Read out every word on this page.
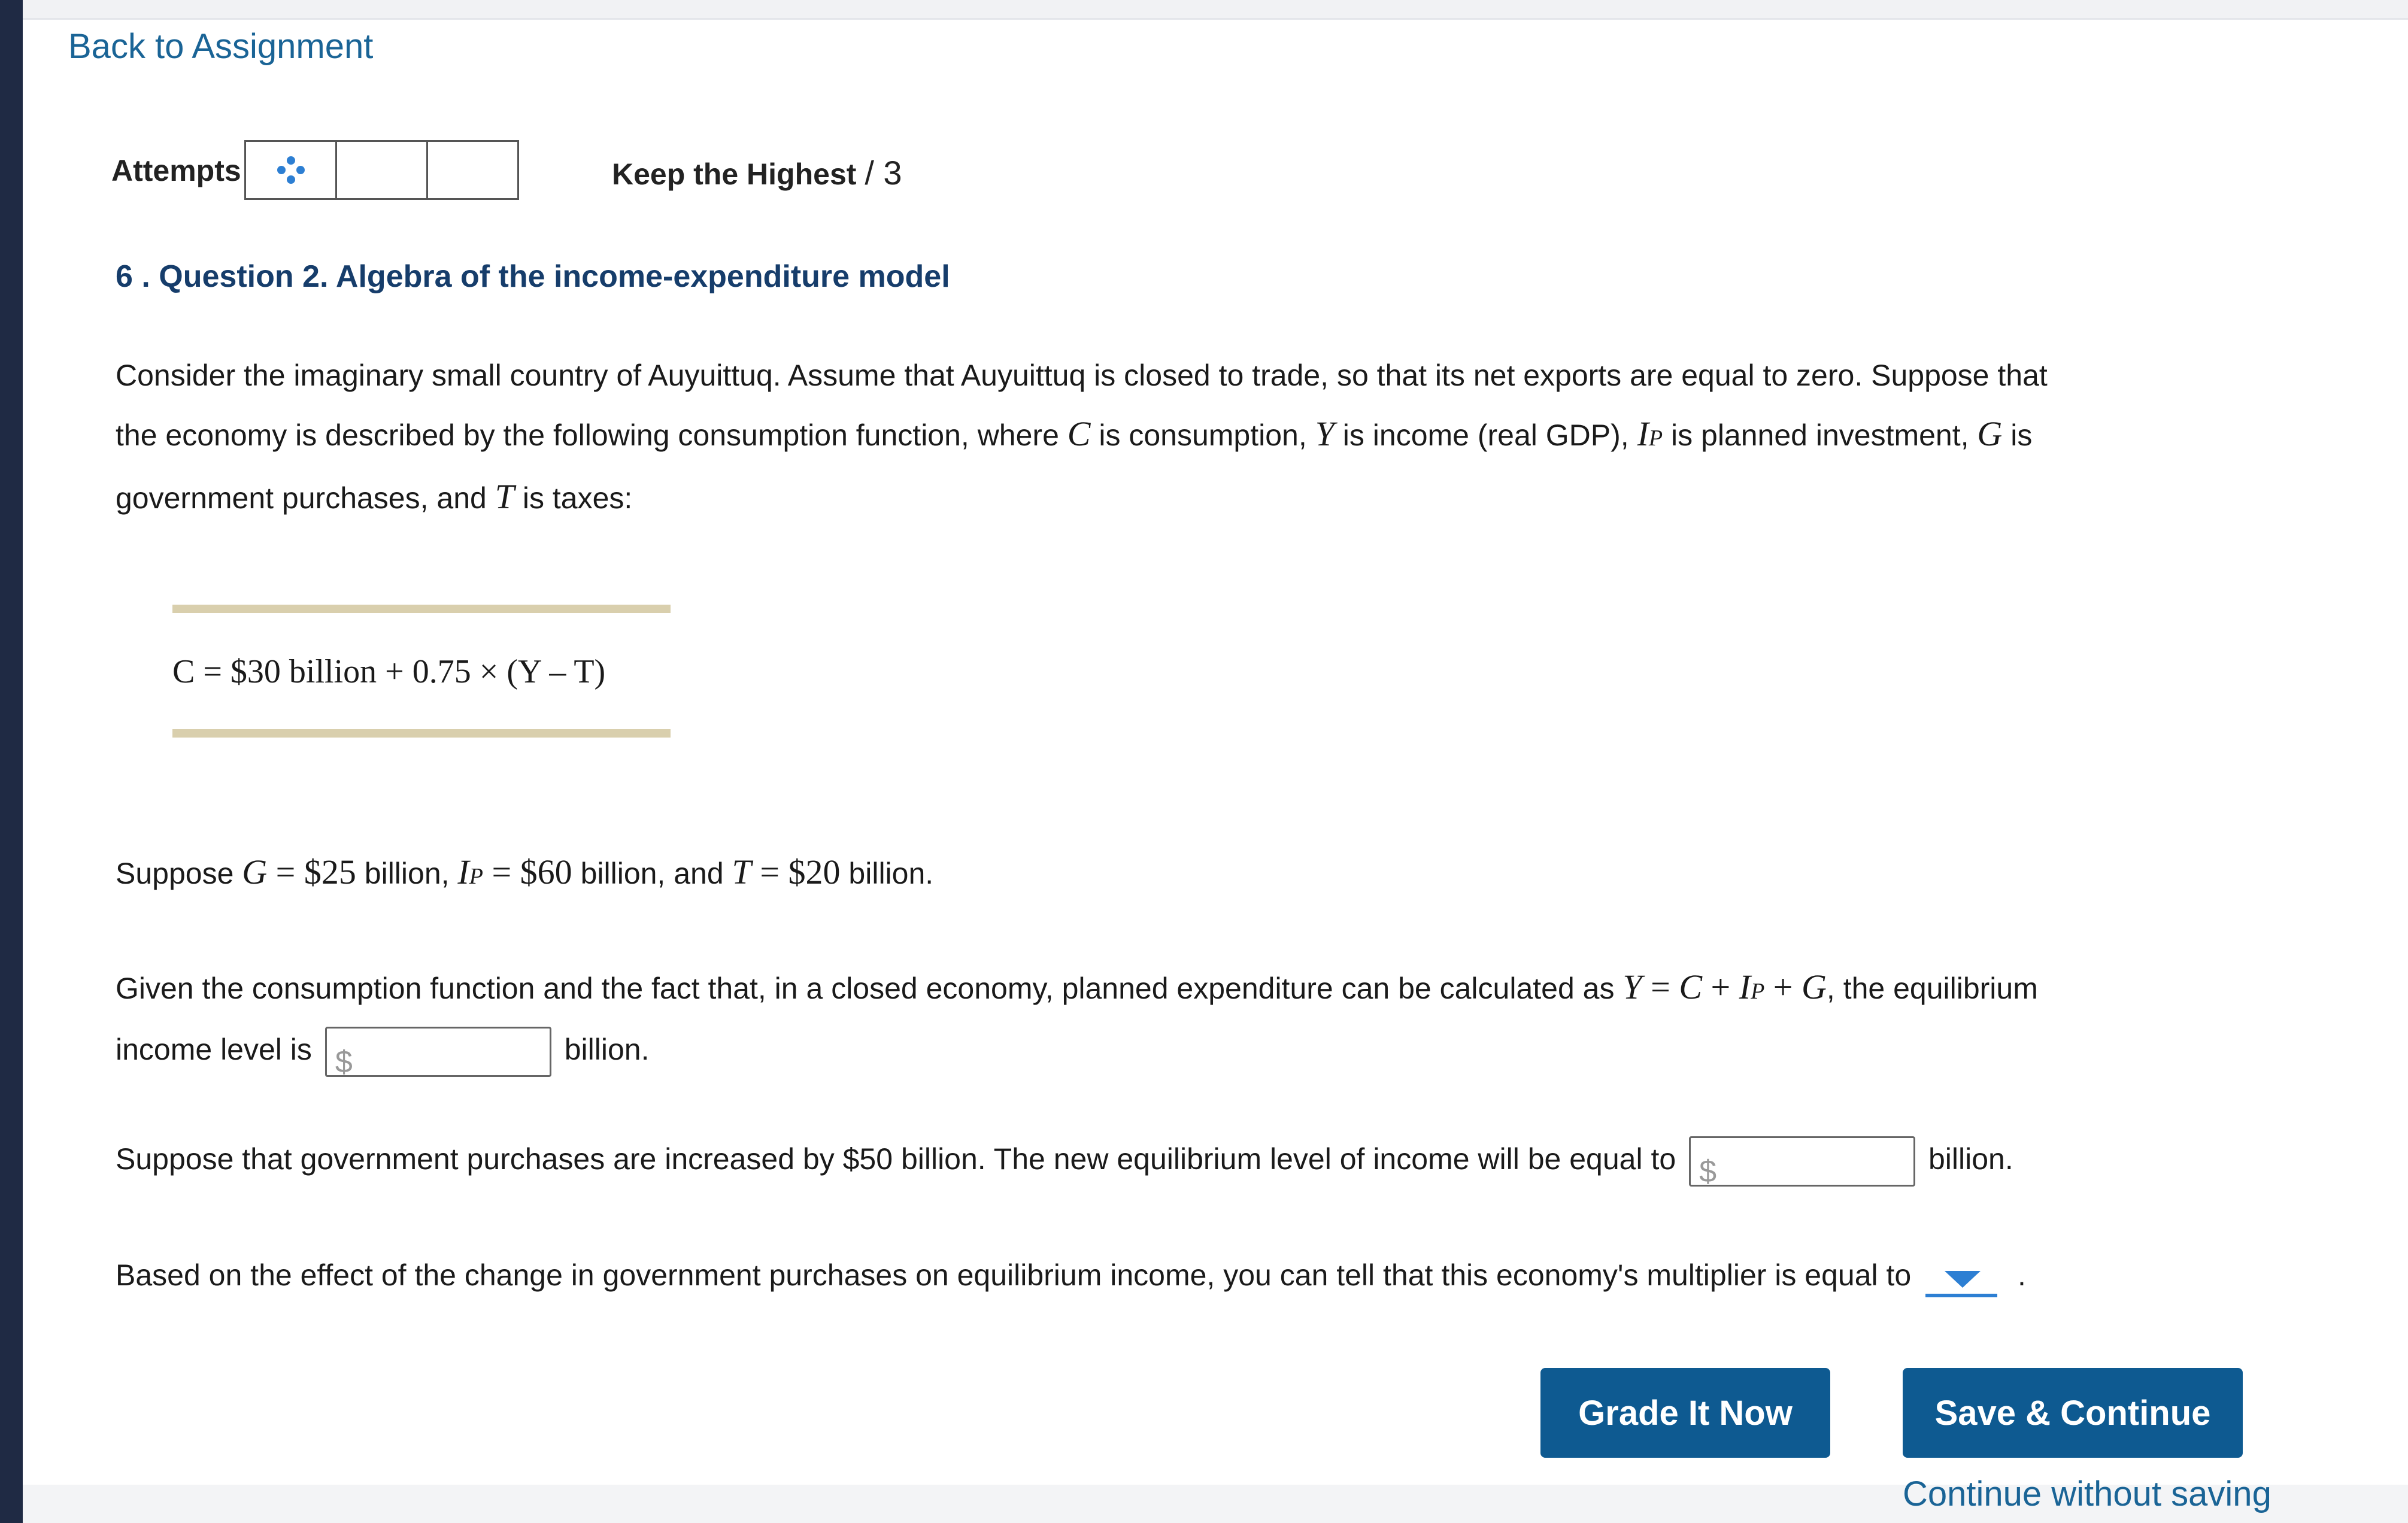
Back to Assignment
Attempts	Keep the Highest / 3
6 . Question 2. Algebra of the income-expenditure model
Consider the imaginary small country of Auyuittuq. Assume that Auyuittuq is closed to trade, so that its net exports are equal to zero. Suppose that
the economy is described by the following consumption function, where C is consumption, Y is income (real GDP), IP is planned investment, G is
government purchases, and T is taxes:
C = $30 billion + 0.75 × (Y – T)
Suppose G = $25 billion, IP = $60 billion, and T = $20 billion.
Given the consumption function and the fact that, in a closed economy, planned expenditure can be calculated as Y = C + IP + G, the equilibrium
income level is $	billion.
Suppose that government purchases are increased by $50 billion. The new equilibrium level of income will be equal to $	billion.
Based on the effect of the change in government purchases on equilibrium income, you can tell that this economy's multiplier is equal to	.
Grade It Now	Save & Continue
Continue without saving
